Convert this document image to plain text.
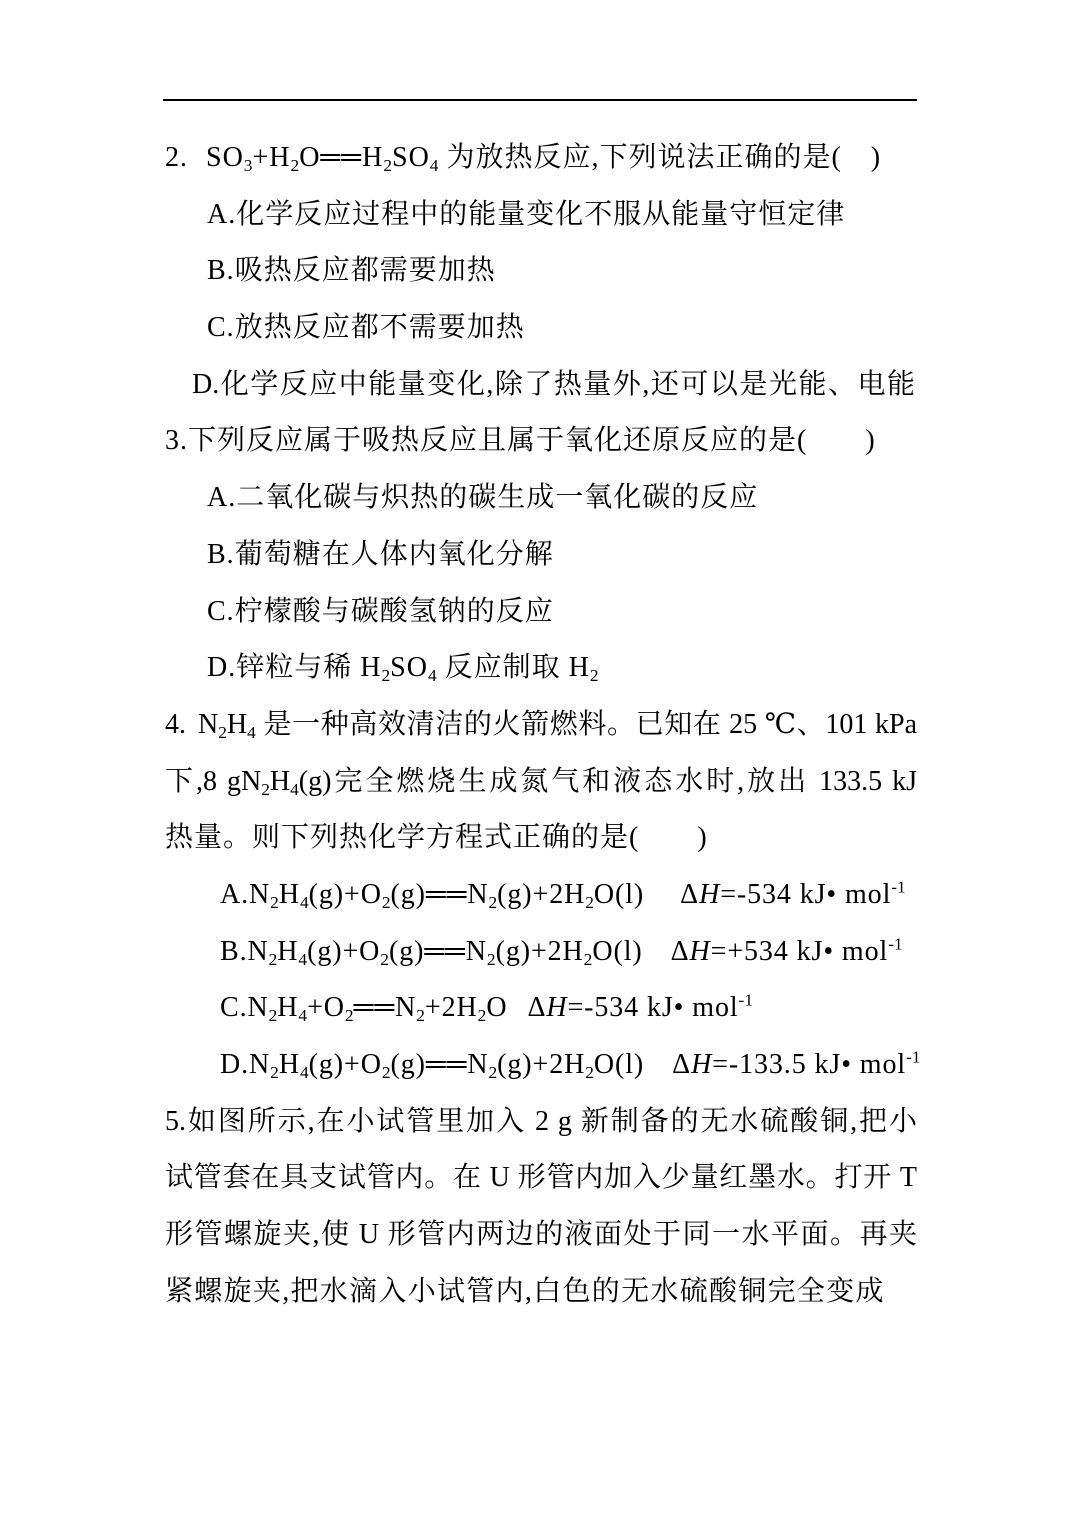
2. $SO_3+H_2O══H_2SO_4$ 为放热反应,下列说法正确的是(　)
A.化学反应过程中的能量变化不服从能量守恒定律
B.吸热反应都需要加热
C.放热反应都不需要加热
D.化学反应中能量变化,除了热量外,还可以是光能、电能
3.下列反应属于吸热反应且属于氧化还原反应的是(　　)
A.二氧化碳与炽热的碳生成一氧化碳的反应
B.葡萄糖在人体内氧化分解
C.柠檬酸与碳酸氢钠的反应
D.锌粒与稀 $H_2SO_4$ 反应制取 $H_2$
4. $N_2H_4$ 是一种高效清洁的火箭燃料。已知在 25 ℃、101 kPa
下,8 $gN_2H_4(g)$完全燃烧生成氮气和液态水时,放出 133.5 kJ
热量。则下列热化学方程式正确的是(　　)
$A.N_2H_4(g)+O_2(g)══N_2(g)+2H_2O(l)$ ΔH=-534 kJ• mol$^{-1}$
$B.N_2H_4(g)+O_2(g)══N_2(g)+2H_2O(l)$ ΔH=+534 kJ• mol$^{-1}$
$C.N_2H_4+O_2══N_2+2H_2O$ ΔH=-534 kJ• mol$^{-1}$
$D.N_2H_4(g)+O_2(g)══N_2(g)+2H_2O(l)$ ΔH=-133.5 kJ• mol$^{-1}$
5.如图所示,在小试管里加入 2 g 新制备的无水硫酸铜,把小
试管套在具支试管内。在 U 形管内加入少量红墨水。打开 T
形管螺旋夹,使 U 形管内两边的液面处于同一水平面。再夹
紧螺旋夹,把水滴入小试管内,白色的无水硫酸铜完全变成
